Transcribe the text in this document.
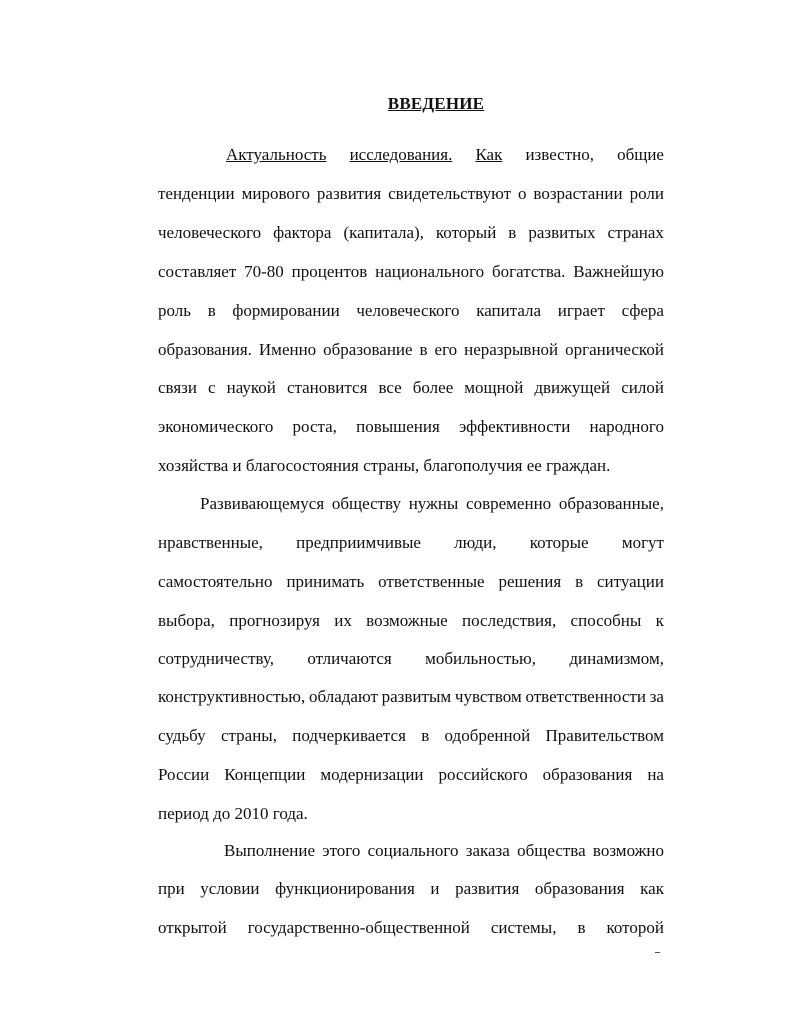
ВВЕДЕНИЕ
Актуальность исследования. Как известно, общие
тенденции мирового развития свидетельствуют о возрастании роли
человеческого фактора (капитала), который в развитых странах
составляет 70-80 процентов национального богатства. Важнейшую
роль в формировании человеческого капитала играет сфера
образования. Именно образование в его неразрывной органической
связи с наукой становится все более мощной движущей силой
экономического роста, повышения эффективности народного
хозяйства и благосостояния страны, благополучия ее граждан.
Развивающемуся обществу нужны современно образованные,
нравственные, предприимчивые люди, которые могут
самостоятельно принимать ответственные решения в ситуации
выбора, прогнозируя их возможные последствия, способны к
сотрудничеству, отличаются мобильностью, динамизмом,
конструктивностью, обладают развитым чувством ответственности за
судьбу страны, подчеркивается в одобренной Правительством
России Концепции модернизации российского образования на
период до 2010 года.
Выполнение этого социального заказа общества возможно
при условии функционирования и развития образования как
открытой государственно-общественной системы, в которой
